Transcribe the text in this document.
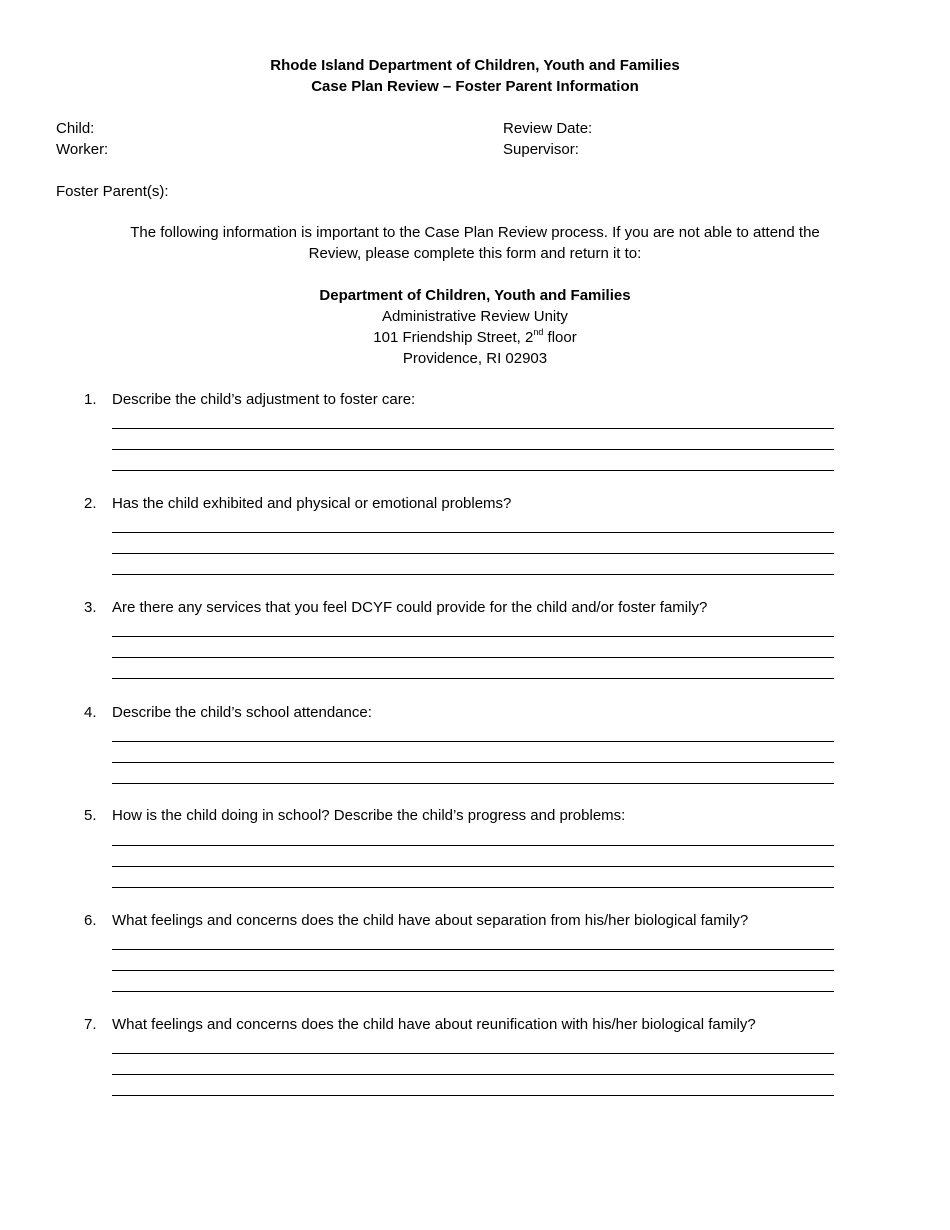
Rhode Island Department of Children, Youth and Families
Case Plan Review – Foster Parent Information
Child:
Worker:
Review Date:
Supervisor:
Foster Parent(s):
The following information is important to the Case Plan Review process. If you are not able to attend the
Review, please complete this form and return it to:
Department of Children, Youth and Families
Administrative Review Unity
101 Friendship Street, 2nd floor
Providence, RI 02903
1. Describe the child’s adjustment to foster care:
2. Has the child exhibited and physical or emotional problems?
3. Are there any services that you feel DCYF could provide for the child and/or foster family?
4. Describe the child’s school attendance:
5. How is the child doing in school? Describe the child’s progress and problems:
6. What feelings and concerns does the child have about separation from his/her biological family?
7. What feelings and concerns does the child have about reunification with his/her biological family?
